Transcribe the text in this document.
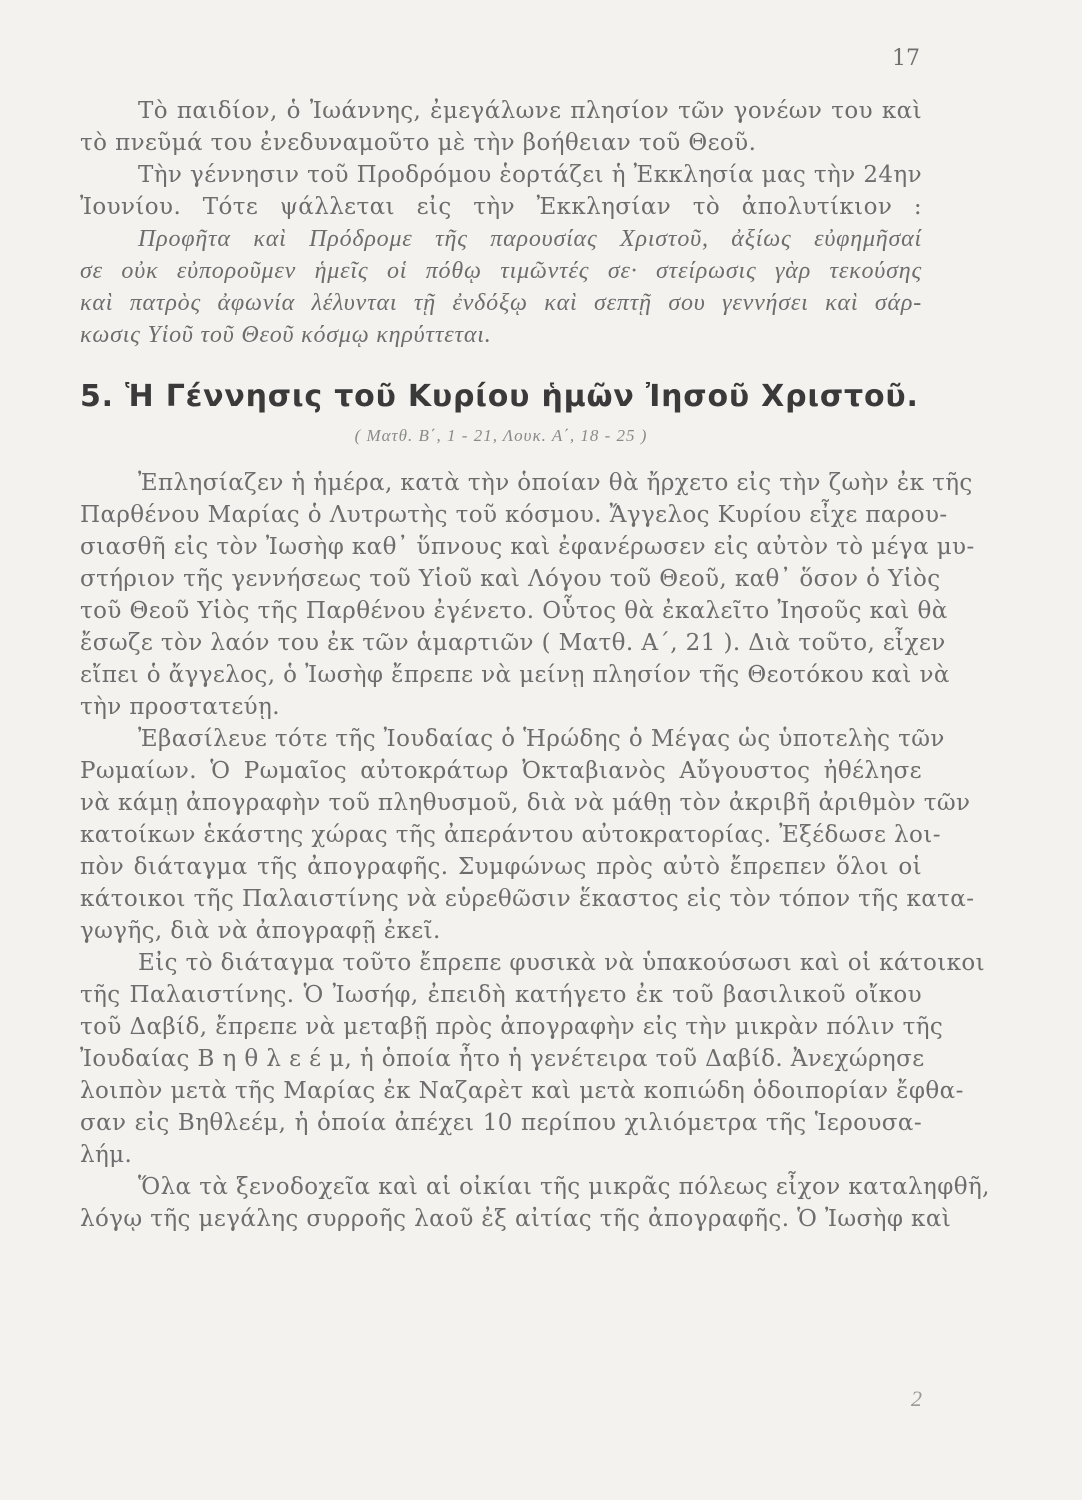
17
Τὸ παιδίον, ὁ Ἰωάννης, ἐμεγάλωνε πλησίον τῶν γονέων του καὶ
τὸ πνεῦμά του ἐνεδυναμοῦτο μὲ τὴν βοήθειαν τοῦ Θεοῦ.
Τὴν γέννησιν τοῦ Προδρόμου ἑορτάζει ἡ Ἐκκλησία μας τὴν 24ην
Ἰουνίου. Τότε ψάλλεται εἰς τὴν Ἐκκλησίαν τὸ ἀπολυτίκιον :
Προφῆτα καὶ Πρόδρομε τῆς παρουσίας Χριστοῦ, ἀξίως εὐφημῆσαί
σε οὐκ εὐποροῦμεν ἡμεῖς οἱ πόθῳ τιμῶντές σε· στείρωσις γὰρ τεκούσης
καὶ πατρὸς ἀφωνία λέλυνται τῇ ἐνδόξῳ καὶ σεπτῇ σου γεννήσει καὶ σάρ-
κωσις Υἱοῦ τοῦ Θεοῦ κόσμῳ κηρύττεται.
5. Ἡ Γέννησις τοῦ Κυρίου ἡμῶν Ἰησοῦ Χριστοῦ.
( Ματθ. Β΄, 1 - 21, Λουκ. Α΄, 18 - 25 )
Ἐπλησίαζεν ἡ ἡμέρα, κατὰ τὴν ὁποίαν θὰ ἤρχετο εἰς τὴν ζωὴν ἐκ τῆς
Παρθένου Μαρίας ὁ Λυτρωτὴς τοῦ κόσμου. Ἄγγελος Κυρίου εἶχε παρου-
σιασθῆ εἰς τὸν Ἰωσὴφ καθ᾽ ὕπνους καὶ ἐφανέρωσεν εἰς αὐτὸν τὸ μέγα μυ-
στήριον τῆς γεννήσεως τοῦ Υἱοῦ καὶ Λόγου τοῦ Θεοῦ, καθ᾽ ὅσον ὁ Υἱὸς
τοῦ Θεοῦ Υἱὸς τῆς Παρθένου ἐγένετο. Οὗτος θὰ ἐκαλεῖτο Ἰησοῦς καὶ θὰ
ἔσωζε τὸν λαόν του ἐκ τῶν ἁμαρτιῶν ( Ματθ. Α΄, 21 ). Διὰ τοῦτο, εἶχεν
εἴπει ὁ ἄγγελος, ὁ Ἰωσὴφ ἔπρεπε νὰ μείνῃ πλησίον τῆς Θεοτόκου καὶ νὰ
τὴν προστατεύῃ.
Ἐβασίλευε τότε τῆς Ἰουδαίας ὁ Ἡρώδης ὁ Μέγας ὡς ὑποτελὴς τῶν
Ρωμαίων. Ὁ Ρωμαῖος αὐτοκράτωρ Ὀκταβιανὸς Αὔγουστος ἠθέλησε
νὰ κάμῃ ἀπογραφὴν τοῦ πληθυσμοῦ, διὰ νὰ μάθῃ τὸν ἀκριβῆ ἀριθμὸν τῶν
κατοίκων ἑκάστης χώρας τῆς ἀπεράντου αὐτοκρατορίας. Ἐξέδωσε λοι-
πὸν διάταγμα τῆς ἀπογραφῆς. Συμφώνως πρὸς αὐτὸ ἔπρεπεν ὅλοι οἱ
κάτοικοι τῆς Παλαιστίνης νὰ εὑρεθῶσιν ἕκαστος εἰς τὸν τόπον τῆς κατα-
γωγῆς, διὰ νὰ ἀπογραφῇ ἐκεῖ.
Εἰς τὸ διάταγμα τοῦτο ἔπρεπε φυσικὰ νὰ ὑπακούσωσι καὶ οἱ κάτοικοι
τῆς Παλαιστίνης. Ὁ Ἰωσήφ, ἐπειδὴ κατήγετο ἐκ τοῦ βασιλικοῦ οἴκου
τοῦ Δαβίδ, ἔπρεπε νὰ μεταβῇ πρὸς ἀπογραφὴν εἰς τὴν μικρὰν πόλιν τῆς
Ἰουδαίας Β η θ λ ε έ μ, ἡ ὁποία ἦτο ἡ γενέτειρα τοῦ Δαβίδ. Ἀνεχώρησε
λοιπὸν μετὰ τῆς Μαρίας ἐκ Ναζαρὲτ καὶ μετὰ κοπιώδη ὁδοιπορίαν ἔφθα-
σαν εἰς Βηθλεέμ, ἡ ὁποία ἀπέχει 10 περίπου χιλιόμετρα τῆς Ἱερουσα-
λήμ.
Ὅλα τὰ ξενοδοχεῖα καὶ αἱ οἰκίαι τῆς μικρᾶς πόλεως εἶχον καταληφθῆ,
λόγῳ τῆς μεγάλης συρροῆς λαοῦ ἐξ αἰτίας τῆς ἀπογραφῆς. Ὁ Ἰωσὴφ καὶ
2
